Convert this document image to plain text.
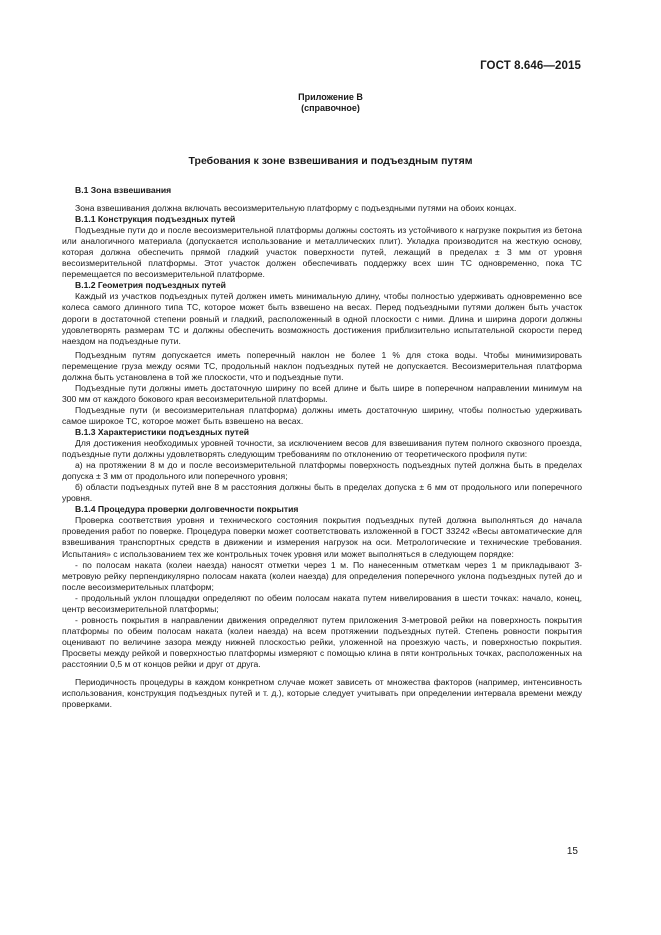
ГОСТ 8.646—2015
Приложение В
(справочное)
Требования к зоне взвешивания и подъездным путям

В.1 Зона взвешивания

Зона взвешивания должна включать весоизмерительную платформу с подъездными путями на обоих концах.

В.1.1 Конструкция подъездных путей

Подъездные пути до и после весоизмерительной платформы должны состоять из устойчивого к нагрузке покрытия из бетона или аналогичного материала (допускается использование и металлических плит). Укладка производится на жесткую основу, которая должна обеспечить прямой гладкий участок поверхности путей, лежащий в пределах ± 3 мм от уровня весоизмерительной платформы. Этот участок должен обеспечивать поддержку всех шин ТС одновременно, пока ТС перемещается по весоизмерительной платформе.

В.1.2 Геометрия подъездных путей

Каждый из участков подъездных путей должен иметь минимальную длину, чтобы полностью удерживать одновременно все колеса самого длинного типа ТС, которое может быть взвешено на весах. Перед подъездными путями должен быть участок дороги в достаточной степени ровный и гладкий, расположенный в одной плоскости с ними. Длина и ширина дороги должны удовлетворять размерам ТС и должны обеспечить возможность достижения приблизительно испытательной скорости перед наездом на подъездные пути.

Подъездным путям допускается иметь поперечный наклон не более 1 % для стока воды. Чтобы минимизировать перемещение груза между осями ТС, продольный наклон подъездных путей не допускается. Весоизмерительная платформа должна быть установлена в той же плоскости, что и подъездные пути.

Подъездные пути должны иметь достаточную ширину по всей длине и быть шире в поперечном направлении минимум на 300 мм от каждого бокового края весоизмерительной платформы.

Подъездные пути (и весоизмерительная платформа) должны иметь достаточную ширину, чтобы полностью удерживать самое широкое ТС, которое может быть взвешено на весах.

В.1.3 Характеристики подъездных путей

Для достижения необходимых уровней точности, за исключением весов для взвешивания путем полного сквозного проезда, подъездные пути должны удовлетворять следующим требованиям по отклонению от теоретического профиля пути:

а) на протяжении 8 м до и после весоизмерительной платформы поверхность подъездных путей должна быть в пределах допуска ± 3 мм от продольного или поперечного уровня;

б) области подъездных путей вне 8 м расстояния должны быть в пределах допуска ± 6 мм от продольного или поперечного уровня.

В.1.4 Процедура проверки долговечности покрытия

Проверка соответствия уровня и технического состояния покрытия подъездных путей должна выполняться до начала проведения работ по поверке. Процедура поверки может соответствовать изложенной в ГОСТ 33242 «Весы автоматические для взвешивания транспортных средств в движении и измерения нагрузок на оси. Метрологические и технические требования. Испытания» с использованием тех же контрольных точек уровня или может выполняться в следующем порядке:

- по полосам наката (колеи наезда) наносят отметки через 1 м. По нанесенным отметкам через 1 м прикладывают 3-метровую рейку перпендикулярно полосам наката (колеи наезда) для определения поперечного уклона подъездных путей до и после весоизмерительных платформ;

- продольный уклон площадки определяют по обеим полосам наката путем нивелирования в шести точках: начало, конец, центр весоизмерительной платформы;

- ровность покрытия в направлении движения определяют путем приложения 3-метровой рейки на поверхность покрытия платформы по обеим полосам наката (колеи наезда) на всем протяжении подъездных путей. Степень ровности покрытия оценивают по величине зазора между нижней плоскостью рейки, уложенной на проезжую часть, и поверхностью покрытия. Просветы между рейкой и поверхностью платформы измеряют с помощью клина в пяти контрольных точках, расположенных на расстоянии 0,5 м от концов рейки и друг от друга.

Периодичность процедуры в каждом конкретном случае может зависеть от множества факторов (например, интенсивность использования, конструкция подъездных путей и т. д.), которые следует учитывать при определении интервала времени между проверками.

15
